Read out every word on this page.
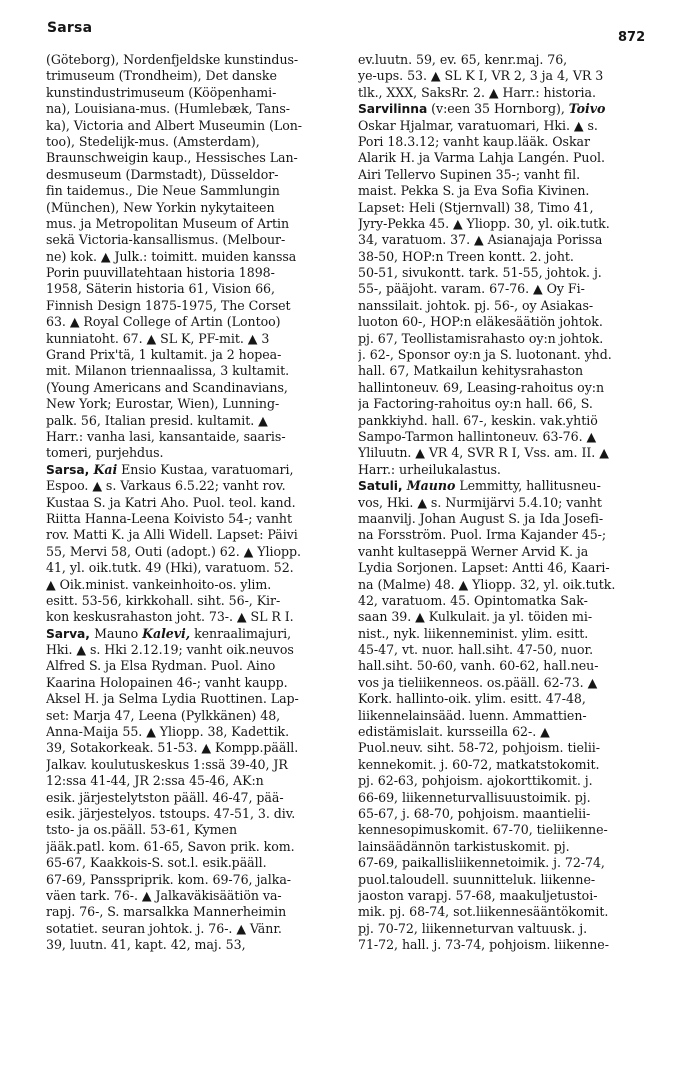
Sarsa
872
(Göteborg), Nordenfjeldske kunstindus-
trimuseum (Trondheim), Det danske
kunstindustrimuseum (Kööpenhami-
na), Louisiana-mus. (Humlebæk, Tans-
ka), Victoria and Albert Museumin (Lon-
too), Stedelijk-mus. (Amsterdam),
Braunschweigin kaup., Hessisches Lan-
desmuseum (Darmstadt), Düsseldor-
fin taidemus., Die Neue Sammlungin
(München), New Yorkin nykytaiteen
mus. ja Metropolitan Museum of Artin
sekä Victoria-kansallismus. (Melbour-
ne) kok. ▲ Julk.: toimitt. muiden kanssa
Porin puuvillatehtaan historia 1898-
1958, Säterin historia 61, Vision 66,
Finnish Design 1875-1975, The Corset
63. ▲ Royal College of Artin (Lontoo)
kunniatoht. 67. ▲ SL K, PF-mit. ▲ 3
Grand Prix'tä, 1 kultamit. ja 2 hopea-
mit. Milanon triennaalissa, 3 kultamit.
(Young Americans and Scandinavians,
New York; Eurostar, Wien), Lunning-
palk. 56, Italian presid. kultamit. ▲
Harr.: vanha lasi, kansantaide, saaris-
tomeri, purjehdus.
Sarsa, Kai Ensio Kustaa, varatuomari,
Espoo. ▲ s. Varkaus 6.5.22; vanht rov.
Kustaa S. ja Katri Aho. Puol. teol. kand.
Riitta Hanna-Leena Koivisto 54-; vanht
rov. Matti K. ja Alli Widell. Lapset: Päivi
55, Mervi 58, Outi (adopt.) 62. ▲ Yliopp.
41, yl. oik.tutk. 49 (Hki), varatuom. 52.
▲ Oik.minist. vankeinhoito-os. ylim.
esitt. 53-56, kirkkohall. siht. 56-, Kir-
kon keskusrahaston joht. 73-. ▲ SL R I.
Sarva, Mauno Kalevi, kenraalimajuri,
Hki. ▲ s. Hki 2.12.19; vanht oik.neuvos
Alfred S. ja Elsa Rydman. Puol. Aino
Kaarina Holopainen 46-; vanht kaupp.
Aksel H. ja Selma Lydia Ruottinen. Lap-
set: Marja 47, Leena (Pylkkänen) 48,
Anna-Maija 55. ▲ Yliopp. 38, Kadettik.
39, Sotakorkeak. 51-53. ▲ Kompp.pääll.
Jalkav. koulutuskeskus 1:ssä 39-40, JR
12:ssa 41-44, JR 2:ssa 45-46, AK:n
esik. järjestelytston pääll. 46-47, pää-
esik. järjestelyos. tstoups. 47-51, 3. div.
tsto- ja os.pääll. 53-61, Kymen
jääk.patl. kom. 61-65, Savon prik. kom.
65-67, Kaakkois-S. sot.l. esik.pääll.
67-69, Pansspriprik. kom. 69-76, jalka-
väen tark. 76-. ▲ Jalkaväkisäätiön va-
rapj. 76-, S. marsalkka Mannerheimin
sotatiet. seuran johtok. j. 76-. ▲ Vänr.
39, luutn. 41, kapt. 42, maj. 53,
ev.luutn. 59, ev. 65, kenr.maj. 76,
ye-ups. 53. ▲ SL K I, VR 2, 3 ja 4, VR 3
tlk., XXX, SaksRr. 2. ▲ Harr.: historia.
Sarvilinna (v:een 35 Hornborg), Toivo
Oskar Hjalmar, varatuomari, Hki. ▲ s.
Pori 18.3.12; vanht kaup.lääk. Oskar
Alarik H. ja Varma Lahja Langén. Puol.
Airi Tellervo Supinen 35-; vanht fil.
maist. Pekka S. ja Eva Sofia Kivinen.
Lapset: Heli (Stjernvall) 38, Timo 41,
Jyry-Pekka 45. ▲ Yliopp. 30, yl. oik.tutk.
34, varatuom. 37. ▲ Asianajaja Porissa
38-50, HOP:n Treen kontt. 2. joht.
50-51, sivukontt. tark. 51-55, johtok. j.
55-, pääjoht. varam. 67-76. ▲ Oy Fi-
nanssilait. johtok. pj. 56-, oy Asiakas-
luoton 60-, HOP:n eläkesäätiön johtok.
pj. 67, Teollistamisrahasto oy:n johtok.
j. 62-, Sponsor oy:n ja S. luotonant. yhd.
hall. 67, Matkailun kehitysrahaston
hallintoneuv. 69, Leasing-rahoitus oy:n
ja Factoring-rahoitus oy:n hall. 66, S.
pankkiyhd. hall. 67-, keskin. vak.yhtiö
Sampo-Tarmon hallintoneuv. 63-76. ▲
Yliluutn. ▲ VR 4, SVR R I, Vss. am. II. ▲
Harr.: urheilukalastus.
Satuli, Mauno Lemmitty, hallitusneu-
vos, Hki. ▲ s. Nurmijärvi 5.4.10; vanht
maanvilj. Johan August S. ja Ida Josefi-
na Forsström. Puol. Irma Kajander 45-;
vanht kultaseppä Werner Arvid K. ja
Lydia Sorjonen. Lapset: Antti 46, Kaari-
na (Malme) 48. ▲ Yliopp. 32, yl. oik.tutk.
42, varatuom. 45. Opintomatka Sak-
saan 39. ▲ Kulkulait. ja yl. töiden mi-
nist., nyk. liikenneminist. ylim. esitt.
45-47, vt. nuor. hall.siht. 47-50, nuor.
hall.siht. 50-60, vanh. 60-62, hall.neu-
vos ja tieliikenneos. os.pääll. 62-73. ▲
Kork. hallinto-oik. ylim. esitt. 47-48,
liikennelainsääd. luenn. Ammattien-
edistämislait. kursseilla 62-. ▲
Puol.neuv. siht. 58-72, pohjoism. tielii-
kennekomit. j. 60-72, matkatstokomit.
pj. 62-63, pohjoism. ajokorttikomit. j.
66-69, liikenneturvallisuustoimik. pj.
65-67, j. 68-70, pohjoism. maantielii-
kennesopimuskomit. 67-70, tieliikenne-
lainsäädännön tarkistuskomit. pj.
67-69, paikallisliikennetoimik. j. 72-74,
puol.taloudell. suunnitteluk. liikenne-
jaoston varapj. 57-68, maakuljetustoi-
mik. pj. 68-74, sot.liikennesääntökomit.
pj. 70-72, liikenneturvan valtuusk. j.
71-72, hall. j. 73-74, pohjoism. liikenne-
